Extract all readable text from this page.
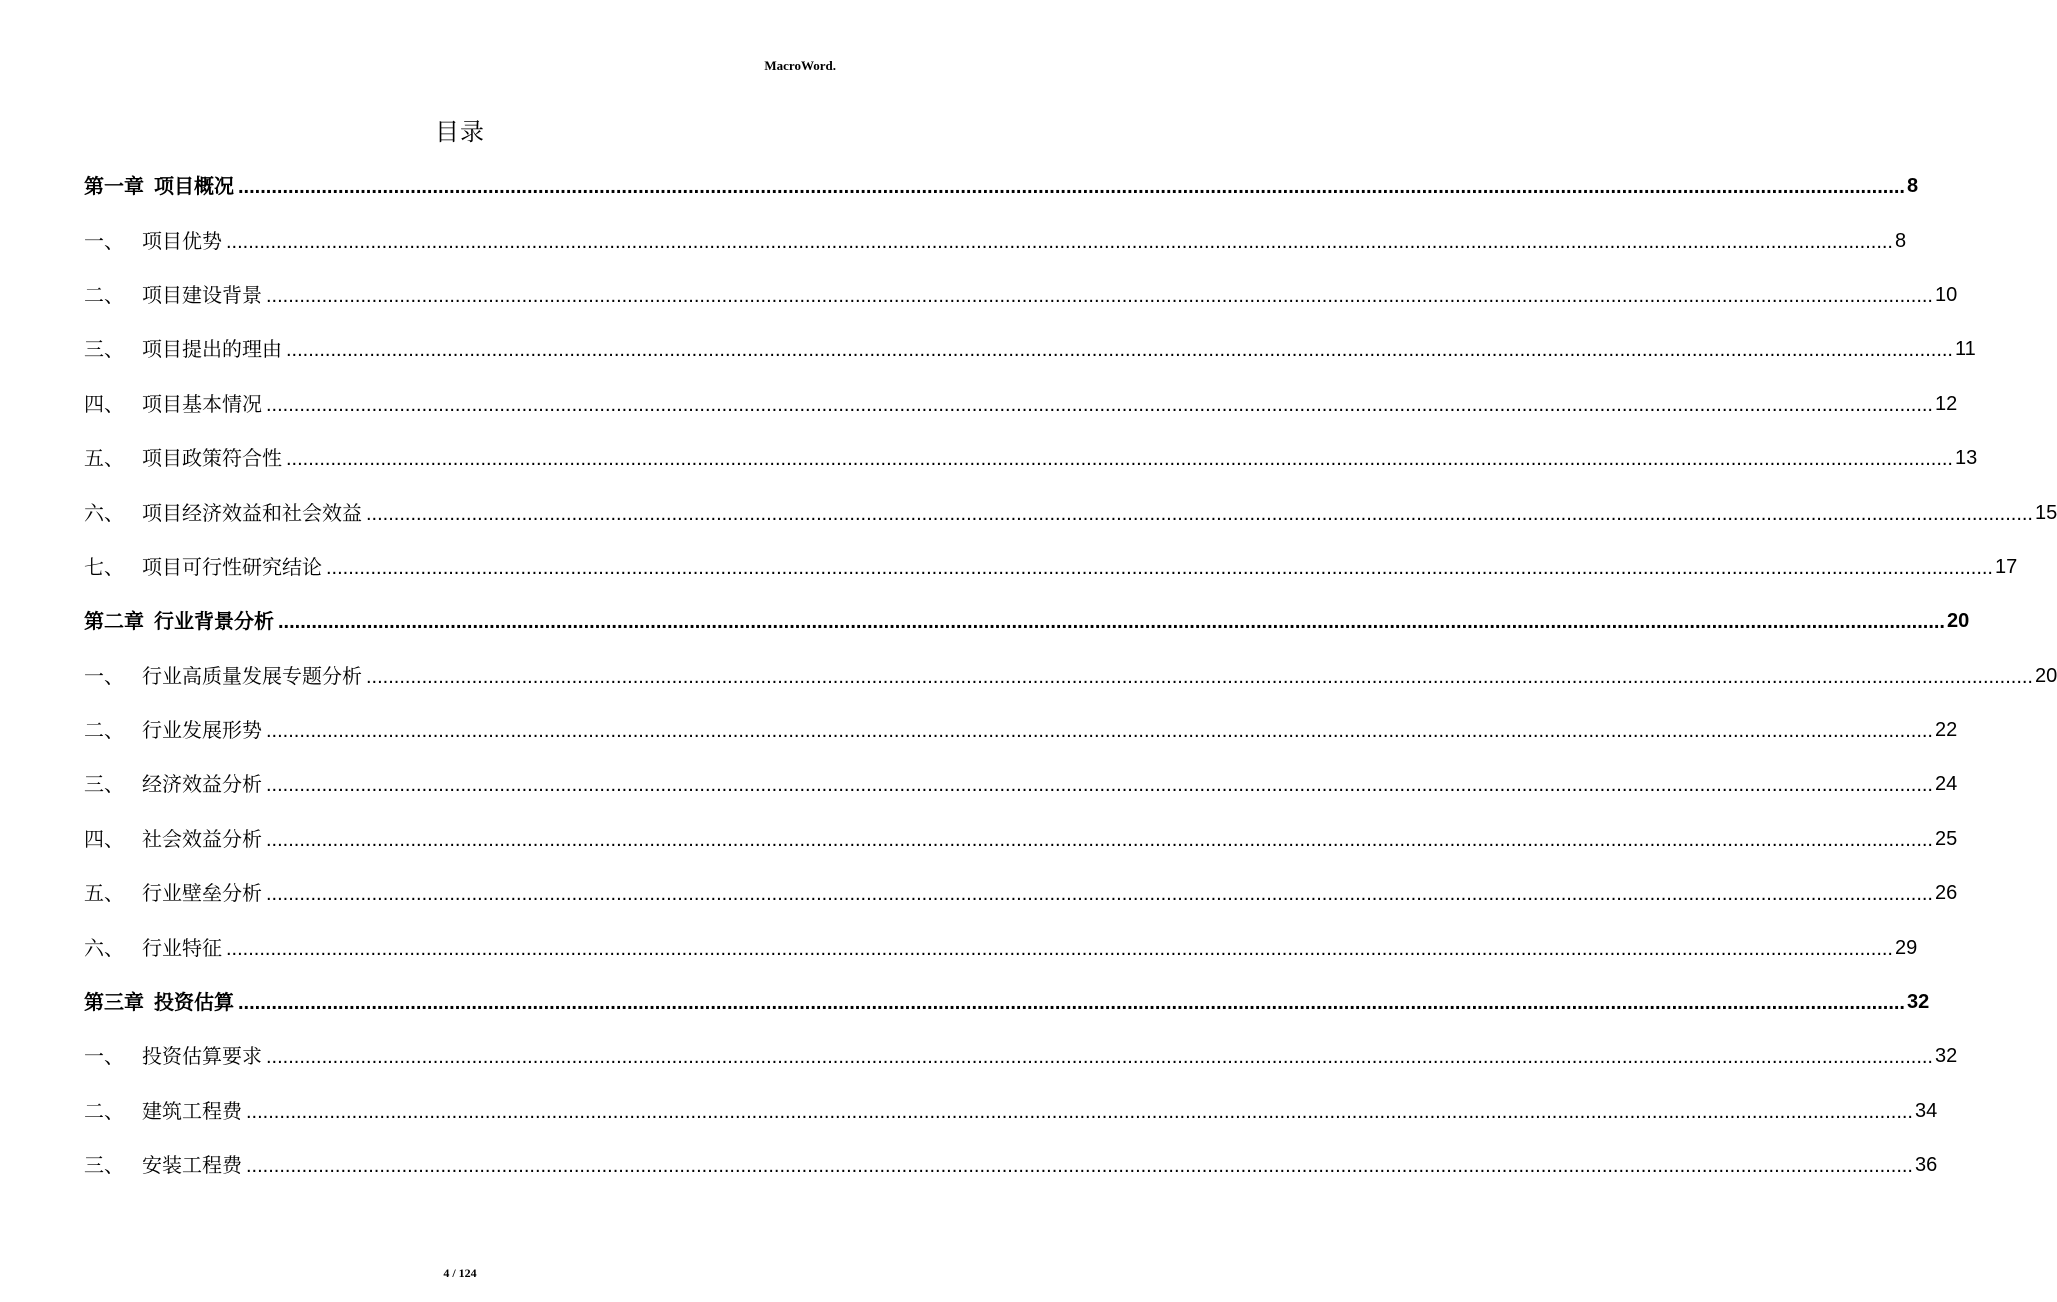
MacroWord.
目录
第一章 项目概况 ............................................................................................................................................................................................................................................................................................................ 8
一、 项目优势 ............................................................................................................................................................................................................................................................................................................ 8
二、 项目建设背景 ............................................................................................................................................................................................................................................................................................................ 10
三、 项目提出的理由 ............................................................................................................................................................................................................................................................................................................ 11
四、 项目基本情况 ............................................................................................................................................................................................................................................................................................................ 12
五、 项目政策符合性 ............................................................................................................................................................................................................................................................................................................ 13
六、 项目经济效益和社会效益 ............................................................................................................................................................................................................................................................................................................ 15
七、 项目可行性研究结论 ............................................................................................................................................................................................................................................................................................................ 17
第二章 行业背景分析 ............................................................................................................................................................................................................................................................................................................ 20
一、 行业高质量发展专题分析 ............................................................................................................................................................................................................................................................................................................ 20
二、 行业发展形势 ............................................................................................................................................................................................................................................................................................................ 22
三、 经济效益分析 ............................................................................................................................................................................................................................................................................................................ 24
四、 社会效益分析 ............................................................................................................................................................................................................................................................................................................ 25
五、 行业壁垒分析 ............................................................................................................................................................................................................................................................................................................ 26
六、 行业特征 ............................................................................................................................................................................................................................................................................................................ 29
第三章 投资估算 ............................................................................................................................................................................................................................................................................................................ 32
一、 投资估算要求 ............................................................................................................................................................................................................................................................................................................ 32
二、 建筑工程费 ............................................................................................................................................................................................................................................................................................................ 34
三、 安装工程费 ............................................................................................................................................................................................................................................................................................................ 36
4 / 124
